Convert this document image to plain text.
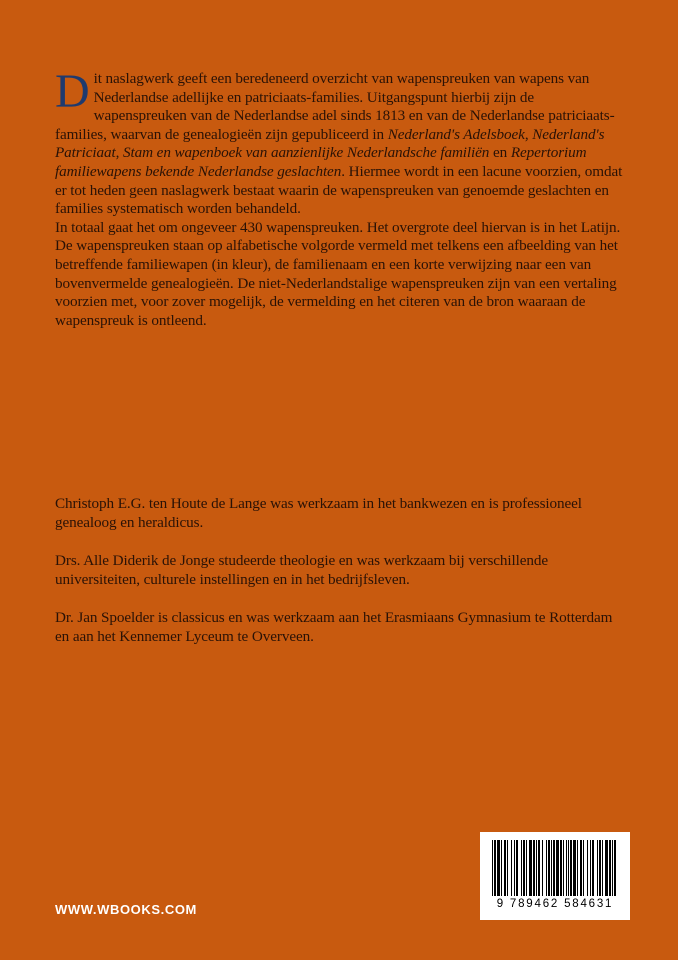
Dit naslagwerk geeft een beredeneerd overzicht van wapenspreuken van wapens van Nederlandse adellijke en patriciaats-families. Uitgangspunt hierbij zijn de wapenspreuken van de Nederlandse adel sinds 1813 en van de Nederlandse patriciaats-families, waarvan de genealogieën zijn gepubliceerd in Nederland's Adelsboek, Nederland's Patriciaat, Stam en wapenboek van aanzienlijke Nederlandsche familiën en Repertorium familiewapens bekende Nederlandse geslachten. Hiermee wordt in een lacune voorzien, omdat er tot heden geen naslagwerk bestaat waarin de wapenspreuken van genoemde geslachten en families systematisch worden behandeld.

In totaal gaat het om ongeveer 430 wapenspreuken. Het overgrote deel hiervan is in het Latijn. De wapenspreuken staan op alfabetische volgorde vermeld met telkens een afbeelding van het betreffende familiewapen (in kleur), de familienaam en een korte verwijzing naar een van bovenvermelde genealogieën. De niet-Nederlandstalige wapenspreuken zijn van een vertaling voorzien met, voor zover mogelijk, de vermelding en het citeren van de bron waaraan de wapenspreuk is ontleend.

Christoph E.G. ten Houte de Lange was werkzaam in het bankwezen en is professioneel genealoog en heraldicus.

Drs. Alle Diderik de Jonge studeerde theologie en was werkzaam bij verschillende universiteiten, culturele instellingen en in het bedrijfsleven.

Dr. Jan Spoelder is classicus en was werkzaam aan het Erasmiaans Gymnasium te Rotterdam en aan het Kennemer Lyceum te Overveen.

WWW.WBOOKS.COM	9 789462 584631
